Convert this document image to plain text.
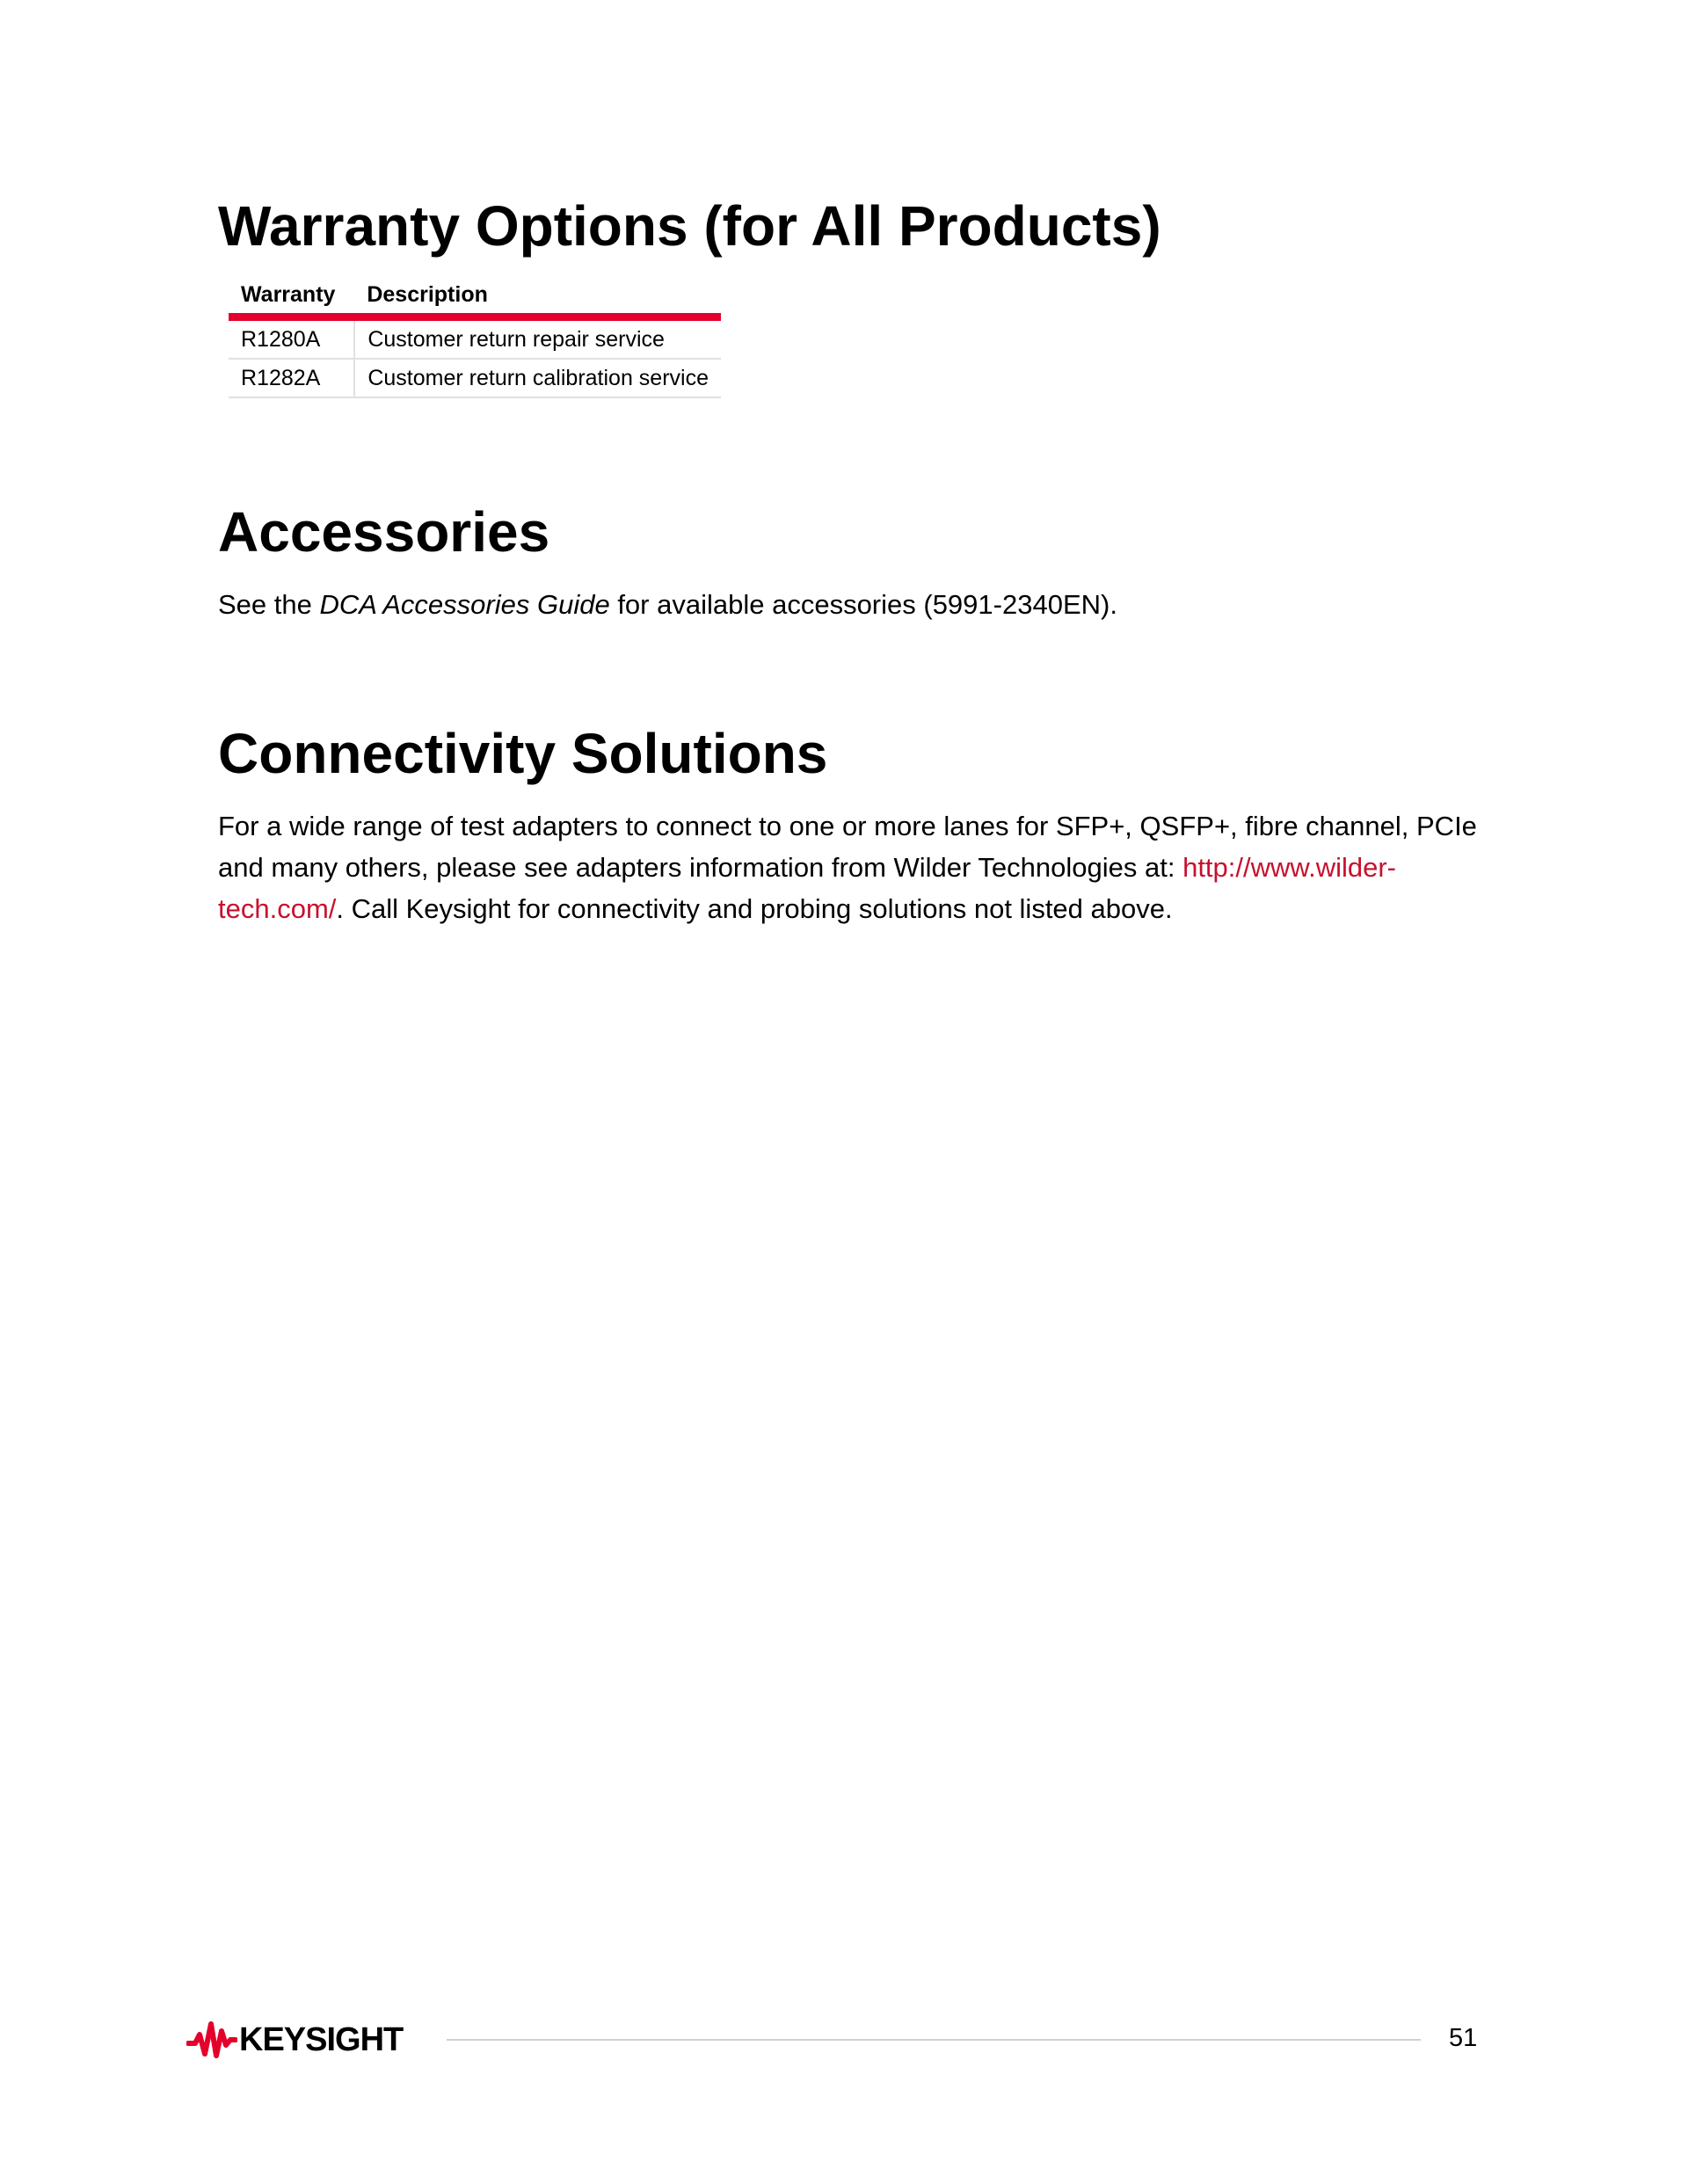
Warranty Options (for All Products)
Warranty	Description
R1280A	Customer return repair service
R1282A	Customer return calibration service
Accessories

See the DCA Accessories Guide for available accessories (5991-2340EN).

Connectivity Solutions

For a wide range of test adapters to connect to one or more lanes for SFP+, QSFP+, fibre channel, PCIe and many others, please see adapters information from Wilder Technologies at: http://www.wilder-tech.com/. Call Keysight for connectivity and probing solutions not listed above.

KEYSIGHT	51
